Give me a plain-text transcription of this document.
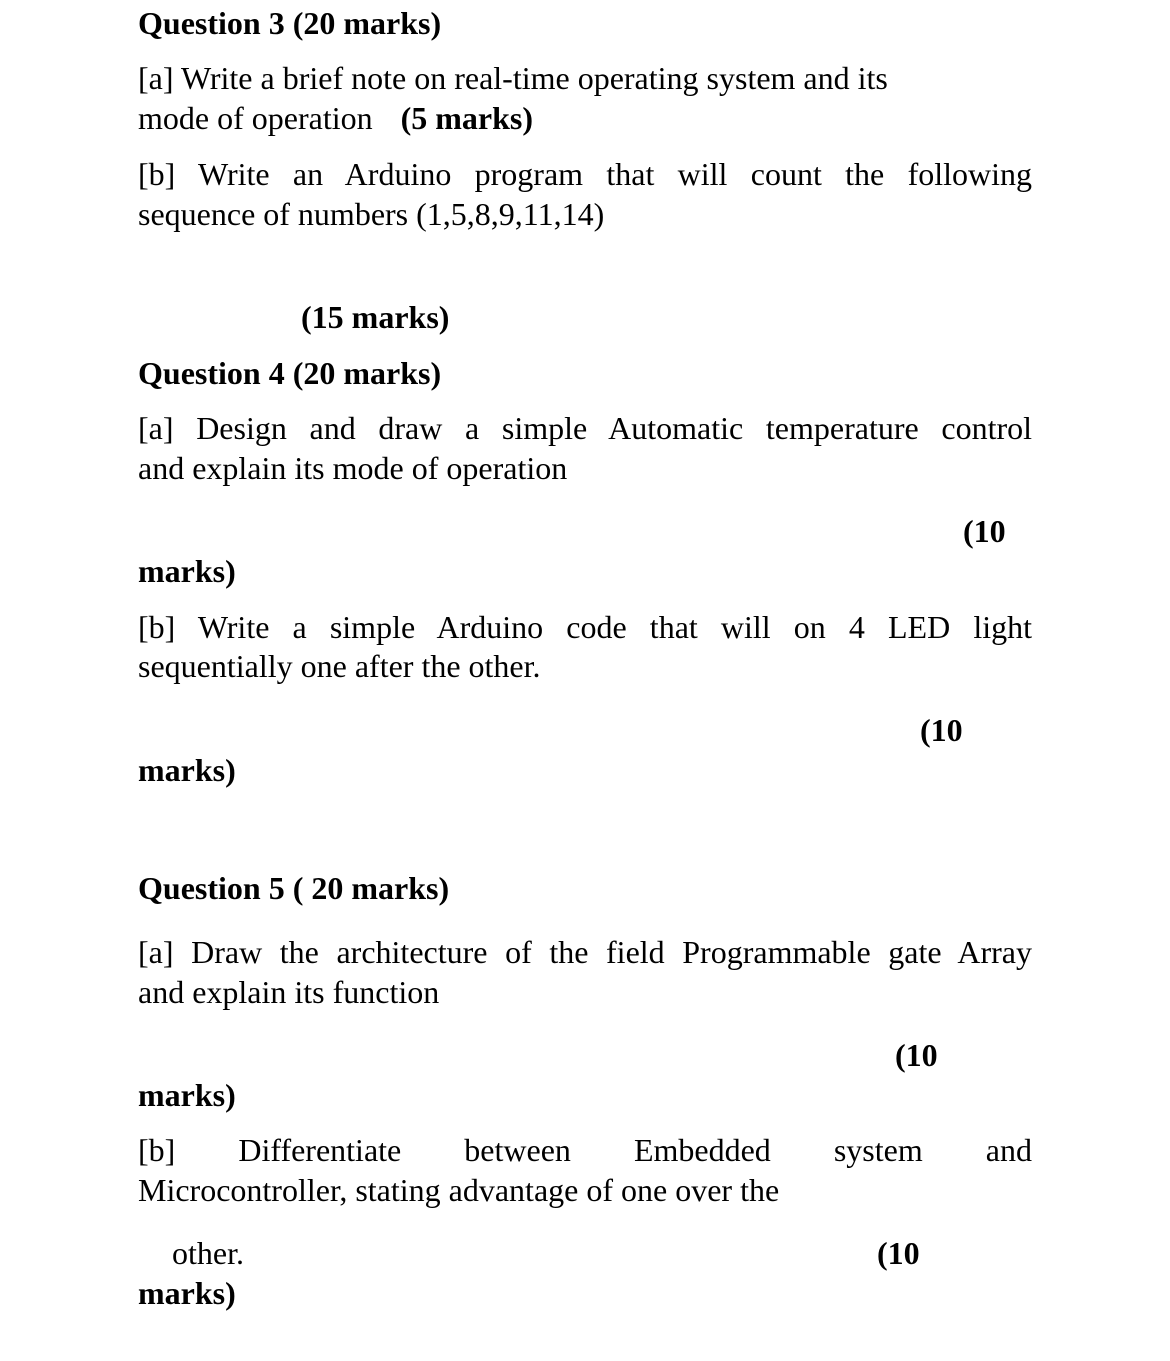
Question 3 (20 marks)
[a] Write a brief note on real-time operating system and its
mode of operation (5 marks)
[b] Write an Arduino program that will count the following
sequence of numbers (1,5,8,9,11,14)
(15 marks)
Question 4 (20 marks)
[a] Design and draw a simple Automatic temperature control
and explain its mode of operation
(10
marks)
[b] Write a simple Arduino code that will on 4 LED light
sequentially one after the other.
(10
marks)
Question 5 ( 20 marks)
[a] Draw the architecture of the field Programmable gate Array
and explain its function
(10
marks)
[b] Differentiate between Embedded system and
Microcontroller, stating advantage of one over the
other.	(10
marks)
